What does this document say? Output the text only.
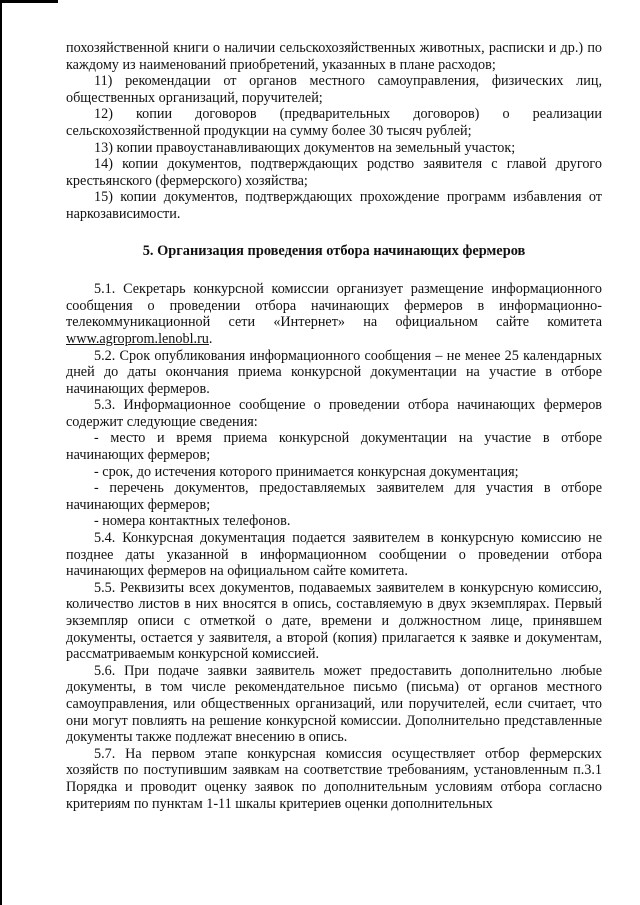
похозяйственной книги о наличии сельскохозяйственных животных, расписки и др.) по каждому из наименований приобретений, указанных в плане расходов;

11) рекомендации от органов местного самоуправления, физических лиц, общественных организаций, поручителей;

12) копии договоров (предварительных договоров) о реализации сельскохозяйственной продукции на сумму более 30 тысяч рублей;

13) копии правоустанавливающих документов на земельный участок;

14) копии документов, подтверждающих родство заявителя с главой другого крестьянского (фермерского) хозяйства;

15) копии документов, подтверждающих прохождение программ избавления от наркозависимости.

5. Организация проведения отбора начинающих фермеров

5.1. Секретарь конкурсной комиссии организует размещение информационного сообщения о проведении отбора начинающих фермеров в информационно-телекоммуникационной сети «Интернет» на официальном сайте комитета www.agroprom.lenobl.ru.

5.2. Срок опубликования информационного сообщения – не менее 25 календарных дней до даты окончания приема конкурсной документации на участие в отборе начинающих фермеров.

5.3. Информационное сообщение о проведении отбора начинающих фермеров содержит следующие сведения:

- место и время приема конкурсной документации на участие в отборе начинающих фермеров;

- срок, до истечения которого принимается конкурсная документация;

- перечень документов, предоставляемых заявителем для участия в отборе начинающих фермеров;

- номера контактных телефонов.

5.4. Конкурсная документация подается заявителем в конкурсную комиссию не позднее даты указанной в информационном сообщении о проведении отбора начинающих фермеров на официальном сайте комитета.

5.5. Реквизиты всех документов, подаваемых заявителем в конкурсную комиссию, количество листов в них вносятся в опись, составляемую в двух экземплярах. Первый экземпляр описи с отметкой о дате, времени и должностном лице, принявшем документы, остается у заявителя, а второй (копия) прилагается к заявке и документам, рассматриваемым конкурсной комиссией.

5.6. При подаче заявки заявитель может предоставить дополнительно любые документы, в том числе рекомендательное письмо (письма) от органов местного самоуправления, или общественных организаций, или поручителей, если считает, что они могут повлиять на решение конкурсной комиссии. Дополнительно представленные документы также подлежат внесению в опись.

5.7. На первом этапе конкурсная комиссия осуществляет отбор фермерских хозяйств по поступившим заявкам на соответствие требованиям, установленным п.3.1 Порядка и проводит оценку заявок по дополнительным условиям отбора согласно критериям по пунктам 1-11 шкалы критериев оценки дополнительных
